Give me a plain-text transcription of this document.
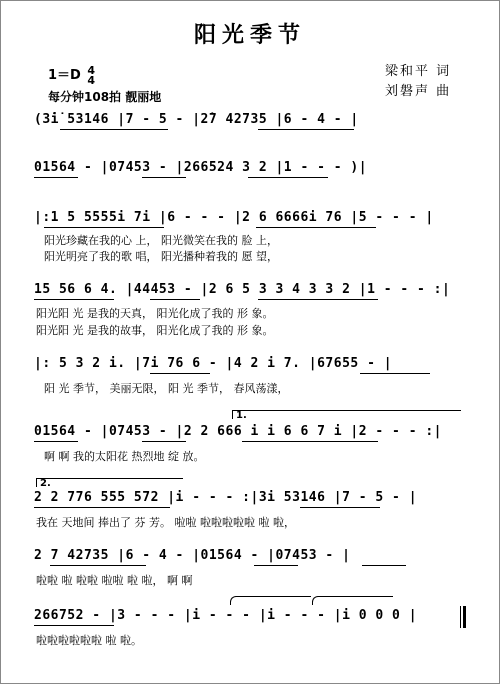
阳光季节
1＝D 4
4
每分钟108拍 靓丽地
梁和平 词
刘磐声 曲
(3̇i̇ 53146 |7 - 5 - |2̇7 42735 |6 - 4 - |
01564 - |07453 - |266524 3 2 |1 - - - )|
|:1 5 5555i 7i |6 - - - |2 6 6666i 76 |5 - - - |
阳光珍藏在我的心 上， 阳光微笑在我的 脸 上，
阳光明亮了我的歌 唱， 阳光播种着我的 愿 望，
15 56 6 4. |44453 - |2 6 5 3 3 4 3 3 2 |1 - - - :|
阳光阳 光 是我的天真， 阳光化成了我的 形 象。
阳光阳 光 是我的故事， 阳光化成了我的 形 象。
|: 5 3 2 i. |7i 76 6 - |4 2 i 7. |67655 - |
阳 光 季节， 美丽无限， 阳 光 季节， 春风荡漾，
1.
01564 - |07453 - |2 2 666 i i 6 6 7 i |2 - - - :|
啊 啊 我的太阳花 热烈地 绽 放。
2.
2 2 776 555 572 |i - - - :|3i 53146 |7 - 5 - |
我在 天地间 捧出了 芬 芳。 啦啦 啦啦啦啦啦 啦 啦，
2 7 42735 |6 - 4 - |01564 - |07453 - |
啦啦 啦 啦啦 啦啦 啦 啦， 啊 啊
266752 - |3 - - - |i - - - |i - - - |i 0 0 0 |
啦啦啦啦啦啦 啦 啦。
